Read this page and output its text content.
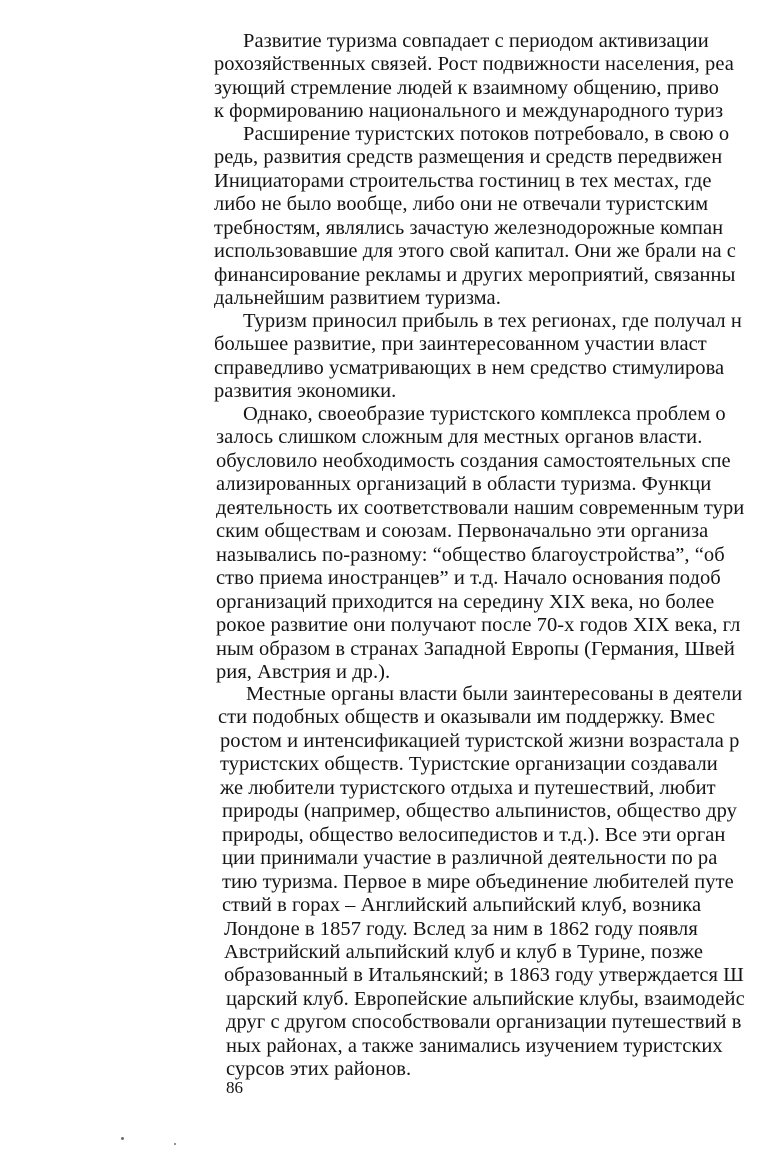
Развитие туризма совпадает с периодом активизации
рохозяйственных связей. Рост подвижности населения, реа
зующий стремление людей к взаимному общению, приво
к формированию национального и международного туриз
Расширение туристских потоков потребовало, в свою о
редь, развития средств размещения и средств передвижен
Инициаторами строительства гостиниц в тех местах, где
либо не было вообще, либо они не отвечали туристским
требностям, являлись зачастую железнодорожные компан
использовавшие для этого свой капитал. Они же брали на с
финансирование рекламы и других мероприятий, связанны
дальнейшим развитием туризма.
Туризм приносил прибыль в тех регионах, где получал н
большее развитие, при заинтересованном участии власт
справедливо усматривающих в нем средство стимулирова
развития экономики.
Однако, своеобразие туристского комплекса проблем о
залось слишком сложным для местных органов власти.
обусловило необходимость создания самостоятельных спе
ализированных организаций в области туризма. Функци
деятельность их соответствовали нашим современным тури
ским обществам и союзам. Первоначально эти организа
назывались по-разному: “общество благоустройства”, “об
ство приема иностранцев” и т.д. Начало основания подоб
организаций приходится на середину XIX века, но более
рокое развитие они получают после 70-х годов XIX века, гл
ным образом в странах Западной Европы (Германия, Швей
рия, Австрия и др.).
Местные органы власти были заинтересованы в деятели
сти подобных обществ и оказывали им поддержку. Вмес
ростом и интенсификацией туристской жизни возрастала р
туристских обществ. Туристские организации создавали
же любители туристского отдыха и путешествий, любит
природы (например, общество альпинистов, общество дру
природы, общество велосипедистов и т.д.). Все эти орган
ции принимали участие в различной деятельности по ра
тию туризма. Первое в мире объединение любителей путе
ствий в горах ‒ Английский альпийский клуб, возника
Лондоне в 1857 году. Вслед за ним в 1862 году появля
Австрийский альпийский клуб и клуб в Турине, позже
образованный в Итальянский; в 1863 году утверждается Ш
царский клуб. Европейские альпийские клубы, взаимодейс
друг с другом способствовали организации путешествий в
ных районах, а также занимались изучением туристских
сурсов этих районов.
86
